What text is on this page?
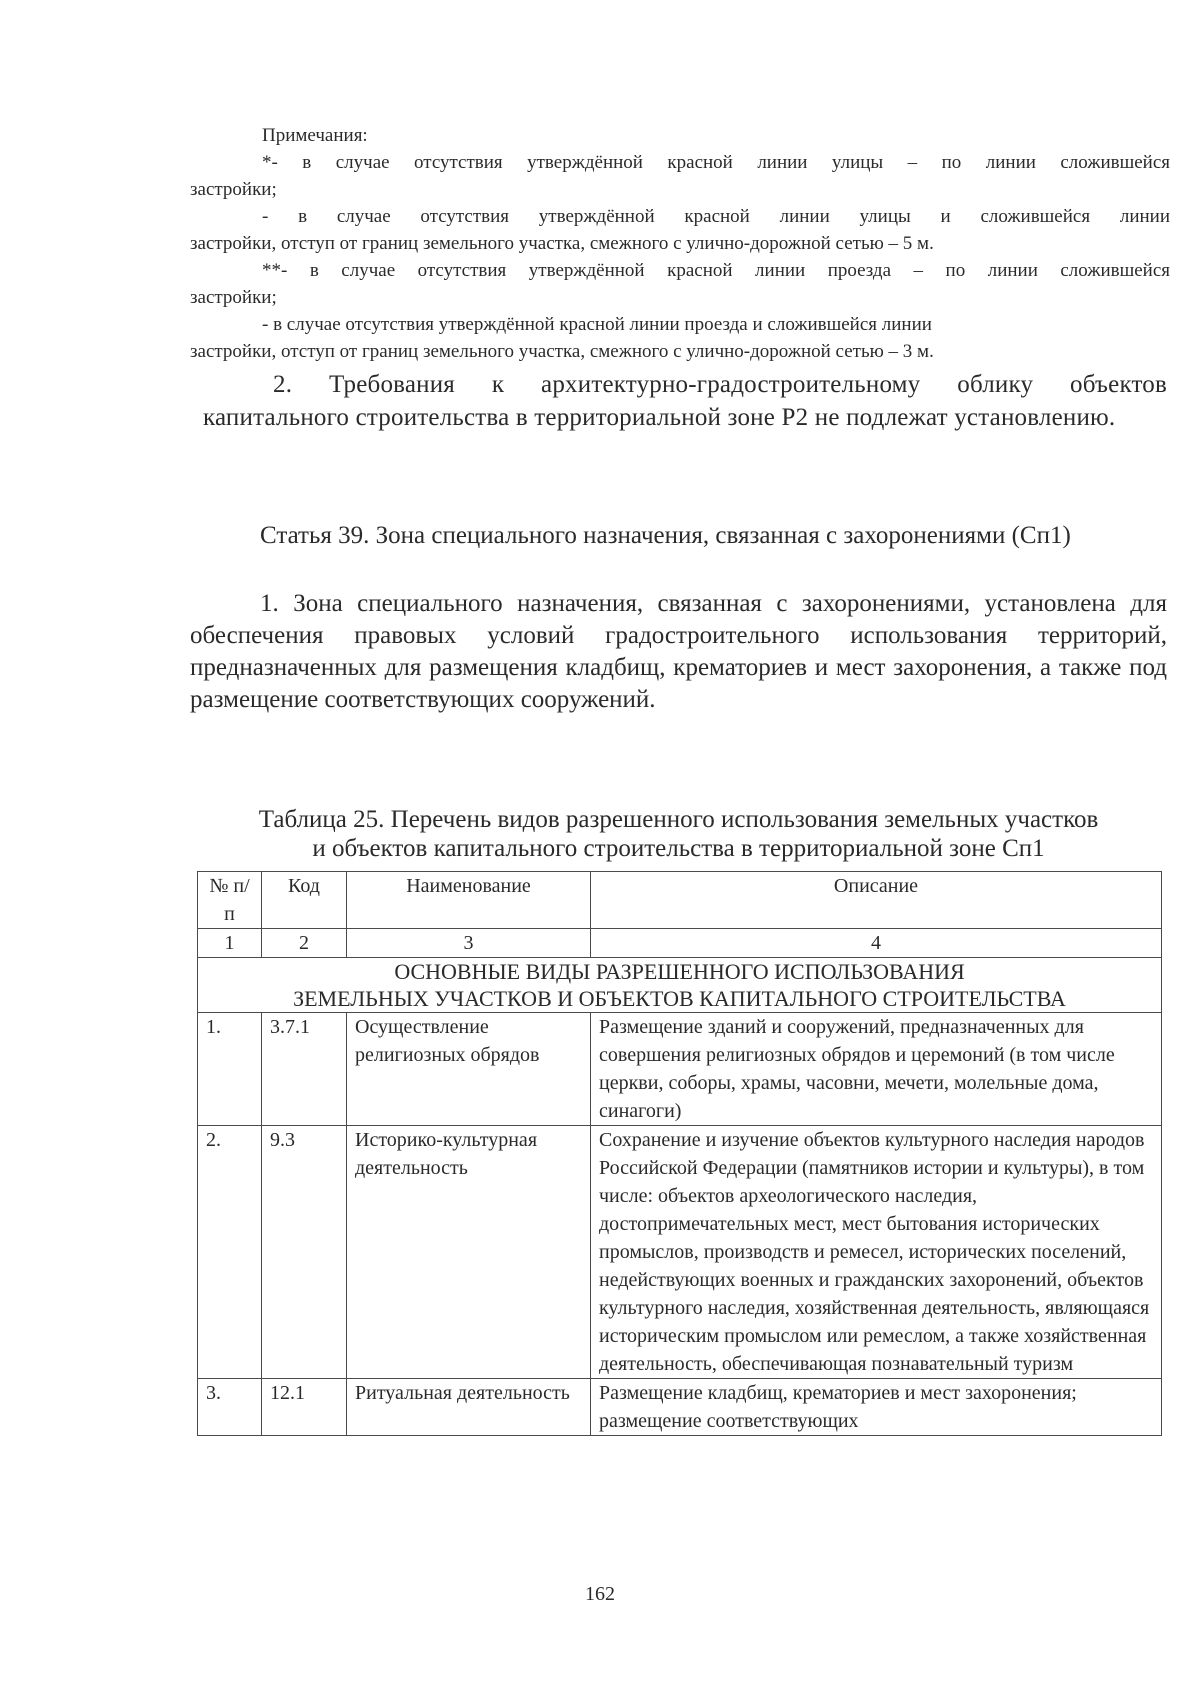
Примечания:

*- в случае отсутствия утверждённой красной линии улицы – по линии сложившейся

застройки;

- в случае отсутствия утверждённой красной линии улицы и сложившейся линии

застройки, отступ от границ земельного участка, смежного с улично-дорожной сетью – 5 м.

**- в случае отсутствия утверждённой красной линии проезда – по линии сложившейся

застройки;

- в случае отсутствия утверждённой красной линии проезда и сложившейся линии

застройки, отступ от границ земельного участка, смежного с улично-дорожной сетью – 3 м.

2. Требования к архитектурно-градостроительному облику объектов капитального строительства в территориальной зоне Р2 не подлежат установлению.

Статья 39. Зона специального назначения, связанная с захоронениями (Сп1)

1. Зона специального назначения, связанная с захоронениями, установлена для обеспечения правовых условий градостроительного использования территорий, предназначенных для размещения кладбищ, крематориев и мест захоронения, а также под размещение соответствующих сооружений.

Таблица 25. Перечень видов разрешенного использования земельных участков
и объектов капитального строительства в территориальной зоне Сп1
№ п/п	Код	Наименование	Описание
1	2	3	4

ОСНОВНЫЕ ВИДЫ РАЗРЕШЕННОГО ИСПОЛЬЗОВАНИЯ
ЗЕМЕЛЬНЫХ УЧАСТКОВ И ОБЪЕКТОВ КАПИТАЛЬНОГО СТРОИТЕЛЬСТВА			

1.	3.7.1	Осуществление религиозных обрядов	Размещение зданий и сооружений, предназначенных для совершения религиозных обрядов и церемоний (в том числе церкви, соборы, храмы, часовни, мечети, молельные дома, синагоги)
2.	9.3	Историко-культурная деятельность	Сохранение и изучение объектов культурного наследия народов Российской Федерации (памятников истории и культуры), в том числе: объектов археологического наследия, достопримечательных мест, мест бытования исторических промыслов, производств и ремесел, исторических поселений, недействующих военных и гражданских захоронений, объектов культурного наследия, хозяйственная деятельность, являющаяся историческим промыслом или ремеслом, а также хозяйственная деятельность, обеспечивающая познавательный туризм
3.	12.1	Ритуальная деятельность	Размещение кладбищ, крематориев и мест захоронения; размещение соответствующих

162
